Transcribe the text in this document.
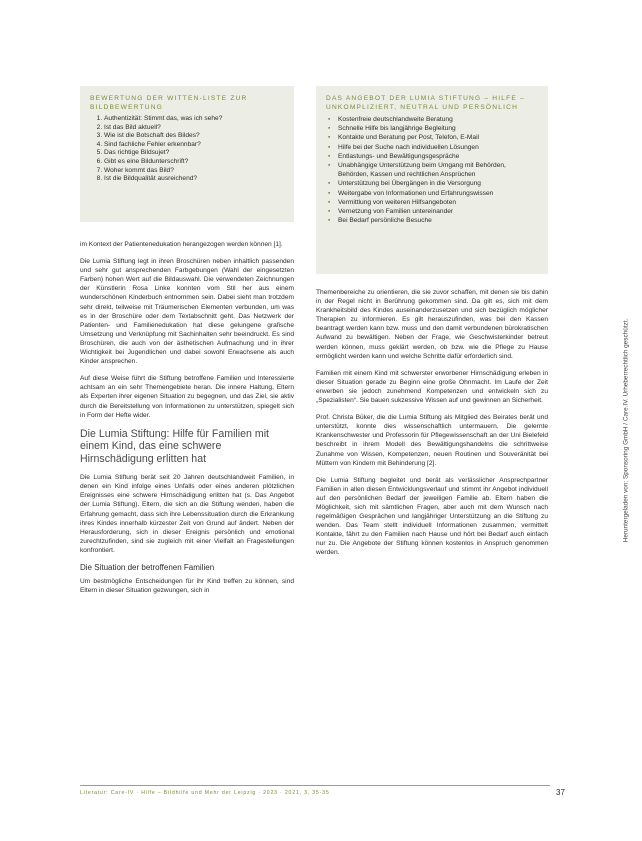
BEWERTUNG DER WITTEN-LISTE ZUR BILDBEWERTUNG
1. Authentizität: Stimmt das, was ich sehe?
2. Ist das Bild aktuell?
3. Wie ist die Botschaft des Bildes?
4. Sind fachliche Fehler erkennbar?
5. Das richtige Bildsujet?
6. Gibt es eine Bildunterschrift?
7. Woher kommt das Bild?
8. Ist die Bildqualität ausreichend?
DAS ANGEBOT DER LUMIA STIFTUNG – HILFE – UNKOMPLIZIERT, NEUTRAL UND PERSÖNLICH
▪ Kostenfreie deutschlandweite Beratung
▪ Schnelle Hilfe bis langjährige Begleitung
▪ Kontakte und Beratung per Post, Telefon, E-Mail
▪ Hilfe bei der Suche nach individuellen Lösungen
▪ Entlastungs- und Bewältigungsgespräche
▪ Unabhängige Unterstützung beim Umgang mit Behörden, Behörden, Kassen und rechtlichen Ansprüchen
▪ Unterstützung bei Übergängen in die Versorgung
▪ Weitergabe von Informationen und Erfahrungswissen
▪ Vermittlung von weiteren Hilfsangeboten
▪ Vernetzung von Familien untereinander
▪ Bei Bedarf persönliche Besuche

im Kontext der Patientenedukation herangezogen werden können [1].

Die Lumia Stiftung legt in ihren Broschüren neben inhaltlich passenden und sehr gut ansprechenden Farbgebungen (Wahl der eingesetzten Farben) hohen Wert auf die Bildauswahl. Die verwendeten Zeichnungen der Künstlerin Rosa Linke konnten vom Stil her aus einem wunderschönen Kinderbuch entnommen sein. Dabei sieht man trotzdem sehr direkt, teilweise mit Träumerischen Elementen verbunden, um was es in der Broschüre oder dem Textabschnitt geht. Das Netzwerk der Patienten- und Familienedukation hat diese gelungene grafische Umsetzung und Verknüpfung mit Sachinhalten sehr beeindruckt. Es sind Broschüren, die auch von der ästhetischen Aufmachung und in ihrer Wichtigkeit bei Jugendlichen und dabei sowohl Erwachsene als auch Kinder ansprechen.

Auf diese Weise führt die Stiftung betroffene Familien und Interessierte achtsam an ein sehr Themengebiete heran. Die innere Haltung, Eltern als Experten ihrer eigenen Situation zu begegnen, und das Ziel, sie aktiv durch die Bereitstellung von Informationen zu unterstützen, spiegelt sich in Form der Hefte wider.

Die Lumia Stiftung: Hilfe für Familien mit einem Kind, das eine schwere Hirnschädigung erlitten hat

Die Lumia Stiftung berät seit 20 Jahren deutschlandweit Familien, in denen ein Kind infolge eines Unfalls oder eines anderen plötzlichen Ereignisses eine schwere Hirnschädigung erlitten hat (s. Das Angebot der Lumia Stiftung). Eltern, die sich an die Stiftung wenden, haben die Erfahrung gemacht, dass sich ihre Lebenssituation durch die Erkrankung ihres Kindes innerhalb kürzester Zeit von Grund auf ändert. Neben der Herausforderung, sich in dieser Ereignis persönlich und emotional zurechtzufinden, sind sie zugleich mit einer Vielfalt an Fragestellungen konfrontiert.

Die Situation der betroffenen Familien

Um bestmögliche Entscheidungen für ihr Kind treffen zu können, sind Eltern in dieser Situation gezwungen, sich in

Themenbereiche zu orientieren, die sie zuvor schaffen, mit denen sie bis dahin in der Regel nicht in Berührung gekommen sind. Da gilt es, sich mit dem Krankheitsbild des Kindes auseinanderzusetzen und sich bezüglich möglicher Therapien zu informieren. Es gilt herauszufinden, was bei den Kassen beantragt werden kann bzw. muss und den damit verbundenen bürokratischen Aufwand zu bewältigen. Neben der Frage, wie Geschwisterkinder betreut werden können, muss geklärt werden, ob bzw. wie die Pflege zu Hause ermöglicht werden kann und welche Schritte dafür erforderlich sind.

Familien mit einem Kind mit schwerster erworbener Hirnschädigung erleben in dieser Situation gerade zu Beginn eine große Ohnmacht. Im Laufe der Zeit erwerben sie jedoch zunehmend Kompetenzen und entwickeln sich zu „Spezialisten“. Sie bauen sukzessive Wissen auf und gewinnen an Sicherheit.

Prof. Christa Büker, die die Lumia Stiftung als Mitglied des Beirates berät und unterstützt, konnte dies wissenschaftlich untermauern. Die gelernte Krankenschwester und Professorin für Pflegewissenschaft an der Uni Bielefeld beschreibt in ihrem Modell des Bewältigungshandelns die schrittweise Zunahme von Wissen, Kompetenzen, neuen Routinen und Souveränität bei Müttern von Kindern mit Behinderung [2].

Die Lumia Stiftung begleitet und berät als verlässlicher Ansprechpartner Familien in allen diesen Entwicklungsverlauf und stimmt ihr Angebot individuell auf den persönlichen Bedarf der jeweiligen Familie ab. Eltern haben die Möglichkeit, sich mit sämtlichen Fragen, aber auch mit dem Wunsch nach regelmäßigen Gesprächen und langjähriger Unterstützung an die Stiftung zu wenden. Das Team stellt individuell Informationen zusammen, vermittelt Kontakte, fährt zu den Familien nach Hause und hört bei Bedarf auch einfach nur zu. Die Angebote der Stiftung können kostenlos in Anspruch genommen werden.

Literatur: Care-IV · Hilfe – Bildhilfe und Mehr der Leipzig · 2023 · 2021, 3, 35-35	37
Heruntergeladen von: Sponsoring GmbH / Care.IV. Urheberrechtlich geschützt.
